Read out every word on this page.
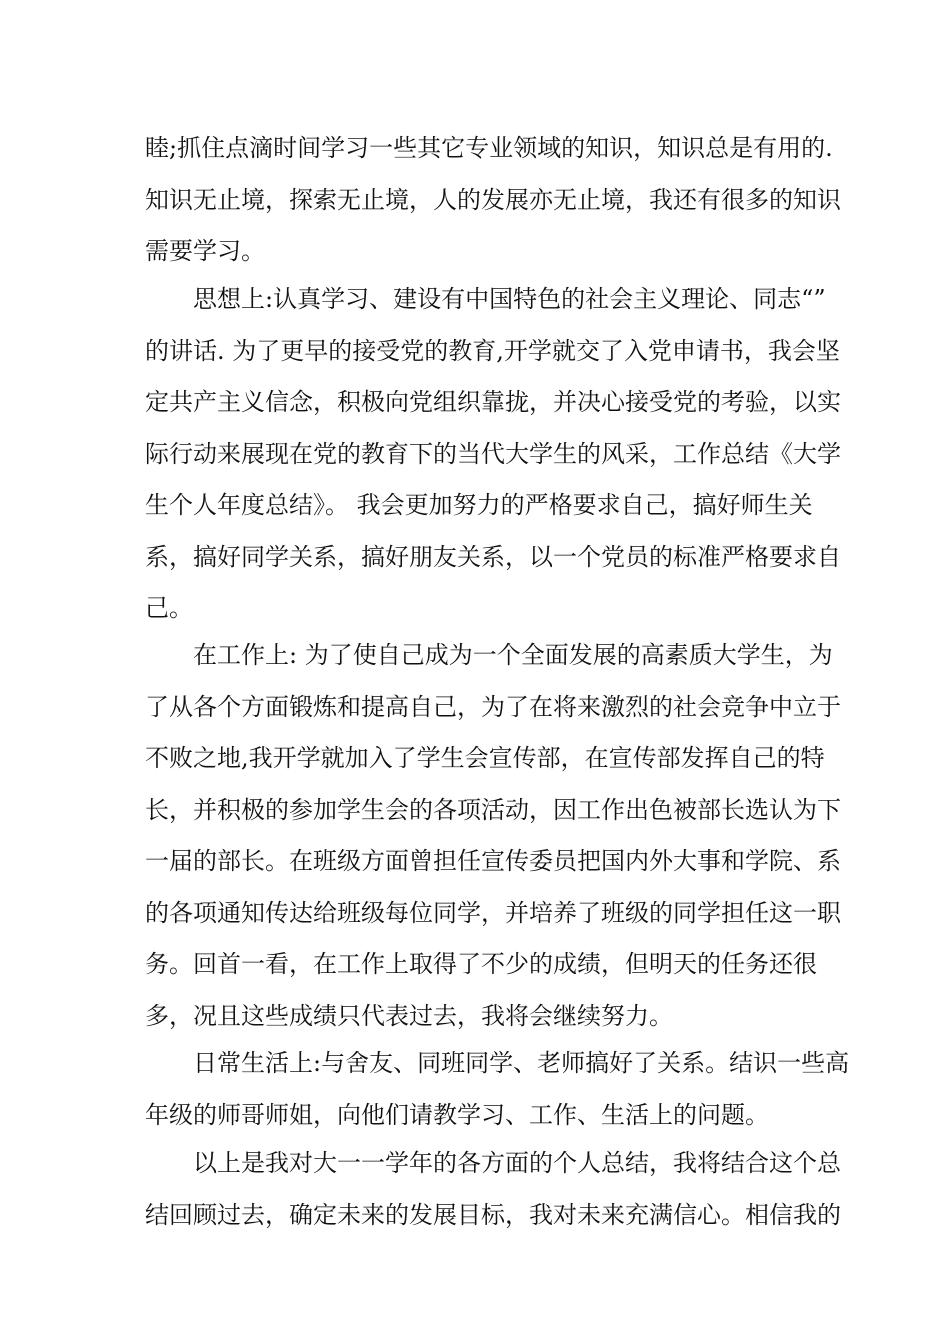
睦;抓住点滴时间学习一些其它专业领域的知识，知识总是有用的.
知识无止境，探索无止境，人的发展亦无止境，我还有很多的知识
需要学习。
思想上:认真学习、建设有中国特色的社会主义理论、同志“”
的讲话. 为了更早的接受党的教育,开学就交了入党申请书，我会坚
定共产主义信念，积极向党组织靠拢，并决心接受党的考验，以实
际行动来展现在党的教育下的当代大学生的风采，工作总结《大学
生个人年度总结》。 我会更加努力的严格要求自己，搞好师生关
系，搞好同学关系，搞好朋友关系，以一个党员的标准严格要求自
己。
在工作上: 为了使自己成为一个全面发展的高素质大学生，为
了从各个方面锻炼和提高自己，为了在将来激烈的社会竞争中立于
不败之地,我开学就加入了学生会宣传部，在宣传部发挥自己的特
长，并积极的参加学生会的各项活动，因工作出色被部长选认为下
一届的部长。在班级方面曾担任宣传委员把国内外大事和学院、系
的各项通知传达给班级每位同学，并培养了班级的同学担任这一职
务。回首一看，在工作上取得了不少的成绩，但明天的任务还很
多，况且这些成绩只代表过去，我将会继续努力。
日常生活上:与舍友、同班同学、老师搞好了关系。结识一些高
年级的师哥师姐，向他们请教学习、工作、生活上的问题。
以上是我对大一一学年的各方面的个人总结，我将结合这个总
结回顾过去，确定未来的发展目标，我对未来充满信心。相信我的
